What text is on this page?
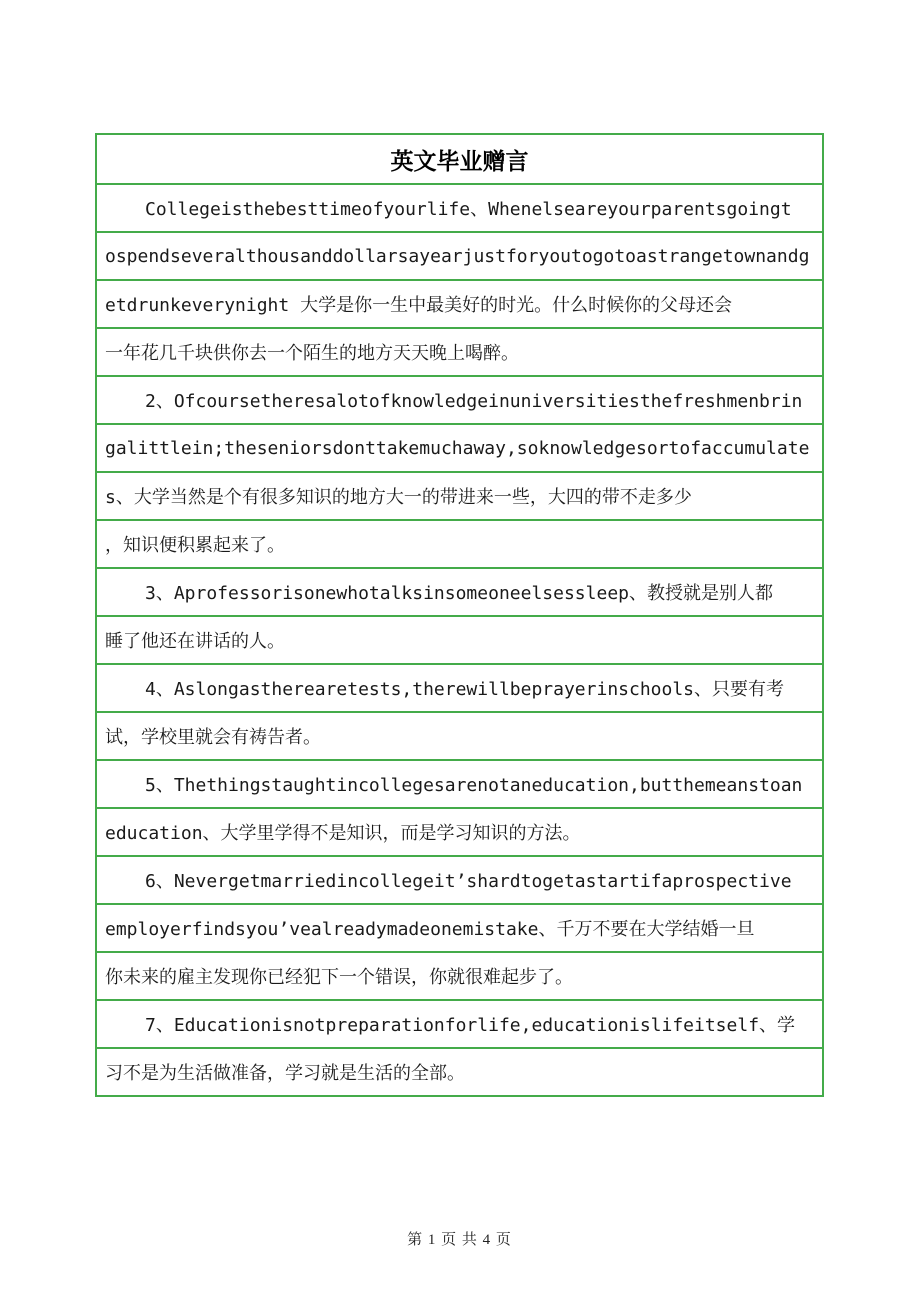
英文毕业赠言
Collegeisthebesttimeofyourlife、Whenelseareyourparentsgoingt
ospendseveralthousanddollarsayearjustforyoutogotoastrangetownandg
etdrunkeverynight 大学是你一生中最美好的时光。什么时候你的父母还会
一年花几千块供你去一个陌生的地方天天晚上喝醉。
2、Ofcoursetheresalotofknowledgeinuniversitiesthefreshmenbrin
galittlein;theseniorsdonttakemuchaway,soknowledgesortofaccumulate
s、大学当然是个有很多知识的地方大一的带进来一些，大四的带不走多少
，知识便积累起来了。
3、Aprofessorisonewhotalksinsomeoneelsessleep、教授就是别人都
睡了他还在讲话的人。
4、Aslongastherearetests,therewillbeprayerinschools、只要有考
试，学校里就会有祷告者。
5、Thethingstaughtincollegesarenotaneducation,butthemeanstoan
education、大学里学得不是知识，而是学习知识的方法。
6、Nevergetmarriedincollegeit’shardtogetastartifaprospective
employerfindsyou’vealreadymadeonemistake、千万不要在大学结婚一旦
你未来的雇主发现你已经犯下一个错误，你就很难起步了。
7、Educationisnotpreparationforlife,educationislifeitself、学
习不是为生活做准备，学习就是生活的全部。
第 1 页 共 4 页
